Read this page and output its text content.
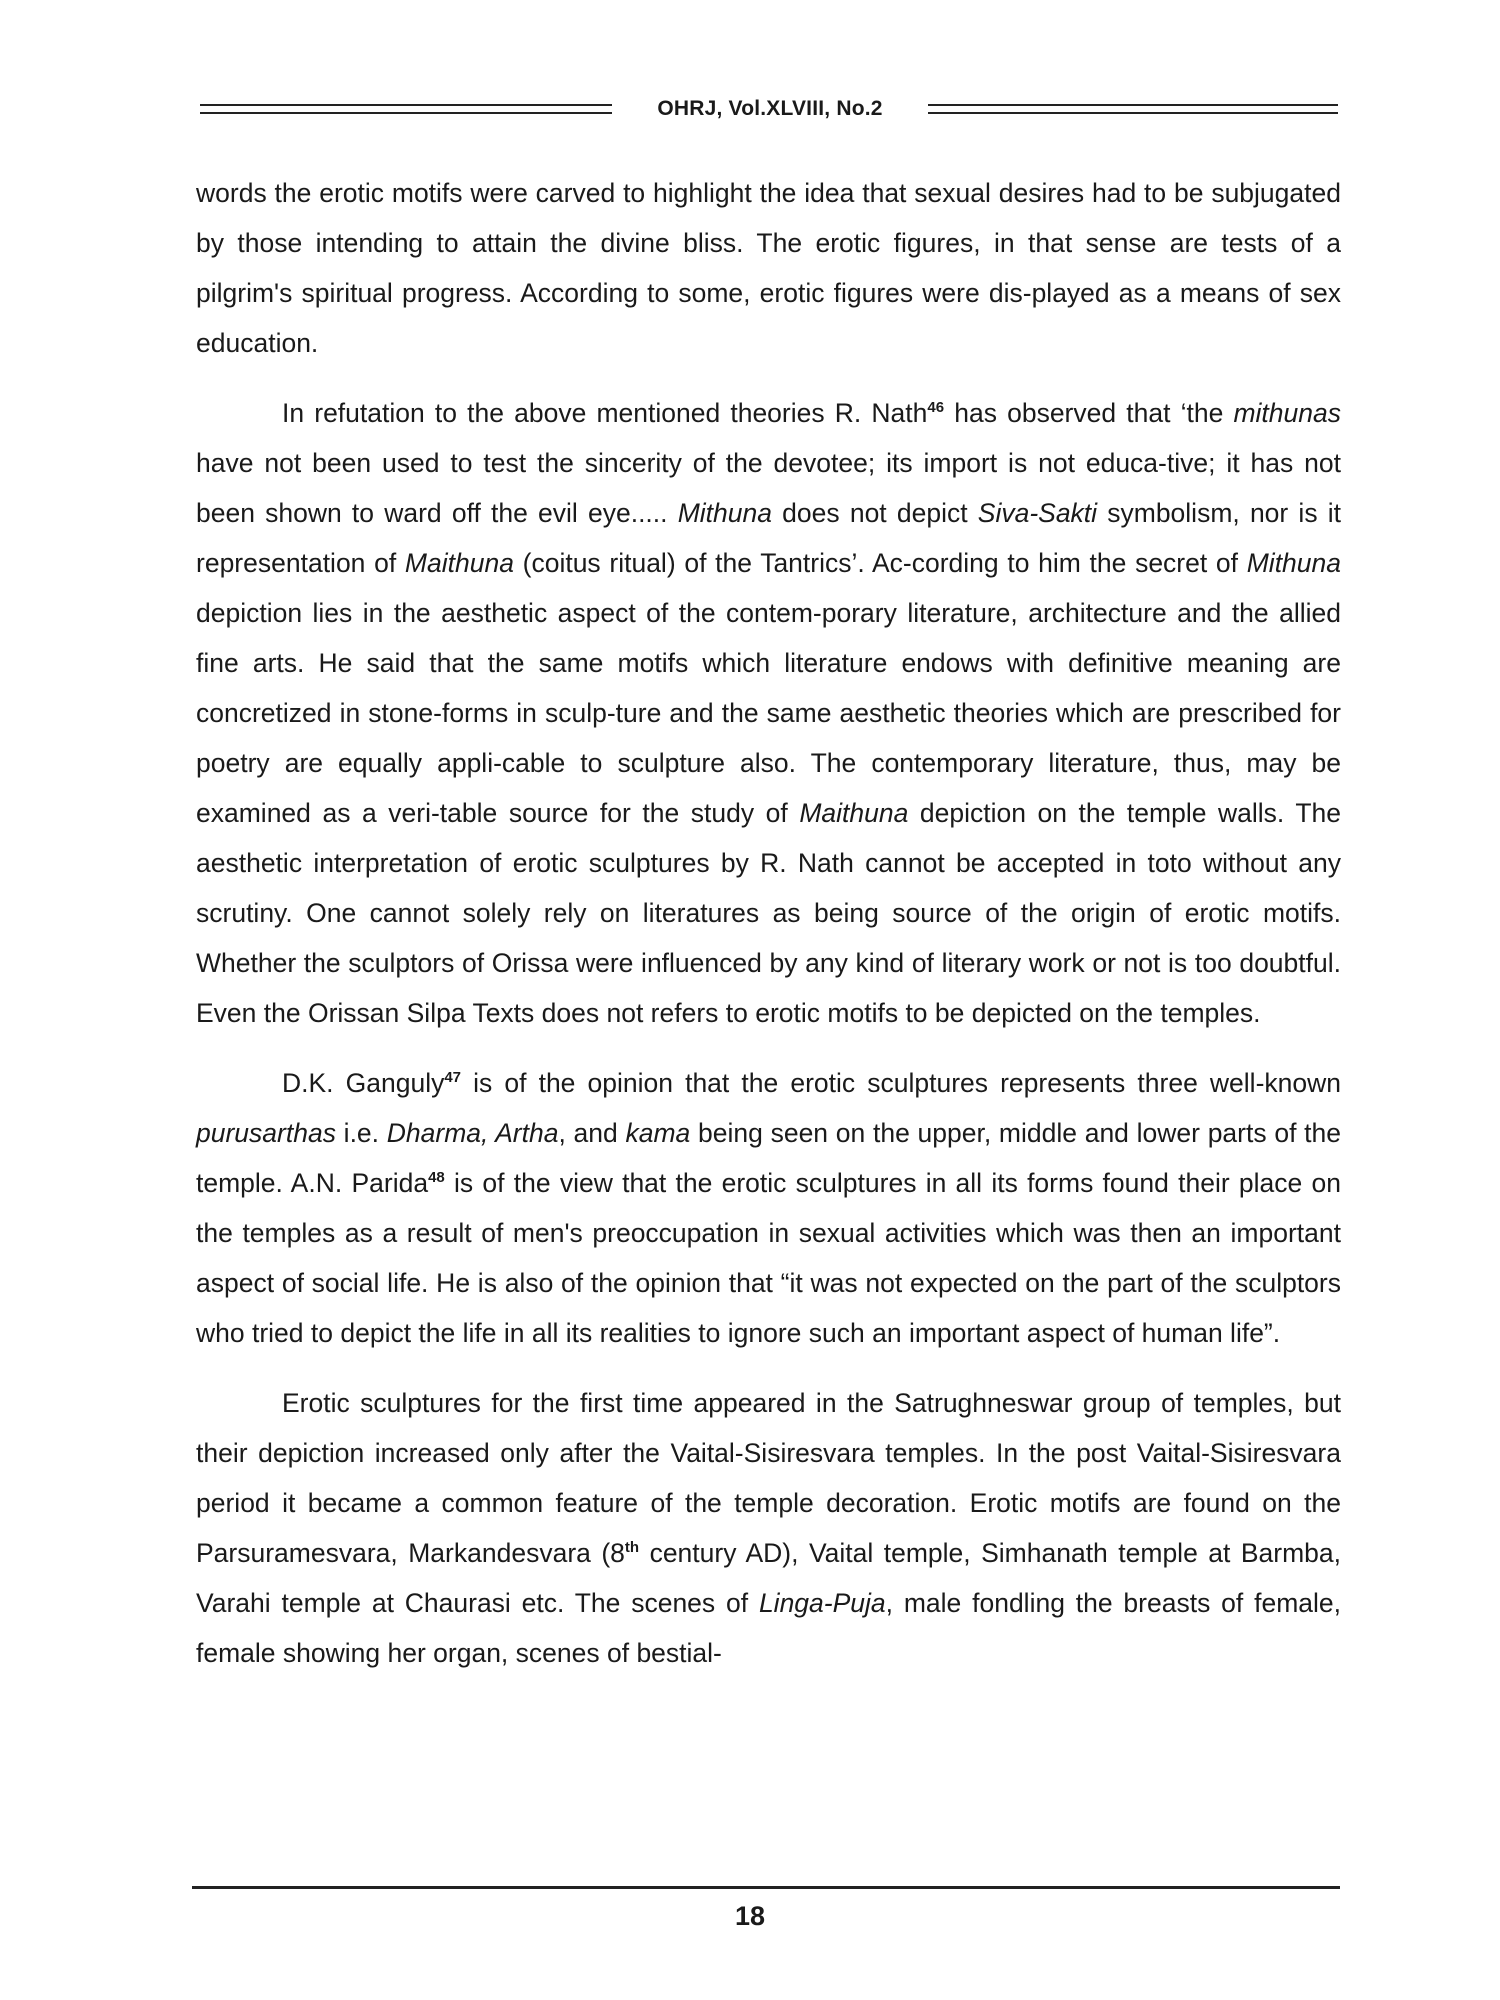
OHRJ, Vol.XLVIII, No.2

words the erotic motifs were carved to highlight the idea that sexual desires had to be subjugated by those intending to attain the divine bliss. The erotic figures, in that sense are tests of a pilgrim's spiritual progress. According to some, erotic figures were dis-played as a means of sex education.

In refutation to the above mentioned theories R. Nath$^{46}$ has observed that ‘the mithunas have not been used to test the sincerity of the devotee; its import is not educa-tive; it has not been shown to ward off the evil eye..... Mithuna does not depict Siva-Sakti symbolism, nor is it representation of Maithuna (coitus ritual) of the Tantrics’. Ac-cording to him the secret of Mithuna depiction lies in the aesthetic aspect of the contem-porary literature, architecture and the allied fine arts. He said that the same motifs which literature endows with definitive meaning are concretized in stone-forms in sculp-ture and the same aesthetic theories which are prescribed for poetry are equally appli-cable to sculpture also. The contemporary literature, thus, may be examined as a veri-table source for the study of Maithuna depiction on the temple walls. The aesthetic interpretation of erotic sculptures by R. Nath cannot be accepted in toto without any scrutiny. One cannot solely rely on literatures as being source of the origin of erotic motifs. Whether the sculptors of Orissa were influenced by any kind of literary work or not is too doubtful. Even the Orissan Silpa Texts does not refers to erotic motifs to be depicted on the temples.

D.K. Ganguly$^{47}$ is of the opinion that the erotic sculptures represents three well-known purusarthas i.e. Dharma, Artha, and kama being seen on the upper, middle and lower parts of the temple. A.N. Parida$^{48}$ is of the view that the erotic sculptures in all its forms found their place on the temples as a result of men's preoccupation in sexual activities which was then an important aspect of social life. He is also of the opinion that “it was not expected on the part of the sculptors who tried to depict the life in all its realities to ignore such an important aspect of human life”.

Erotic sculptures for the first time appeared in the Satrughneswar group of temples, but their depiction increased only after the Vaital-Sisiresvara temples. In the post Vaital-Sisiresvara period it became a common feature of the temple decoration. Erotic motifs are found on the Parsuramesvara, Markandesvara (8th century AD), Vaital temple, Simhanath temple at Barmba, Varahi temple at Chaurasi etc. The scenes of Linga-Puja, male fondling the breasts of female, female showing her organ, scenes of bestial-

18
